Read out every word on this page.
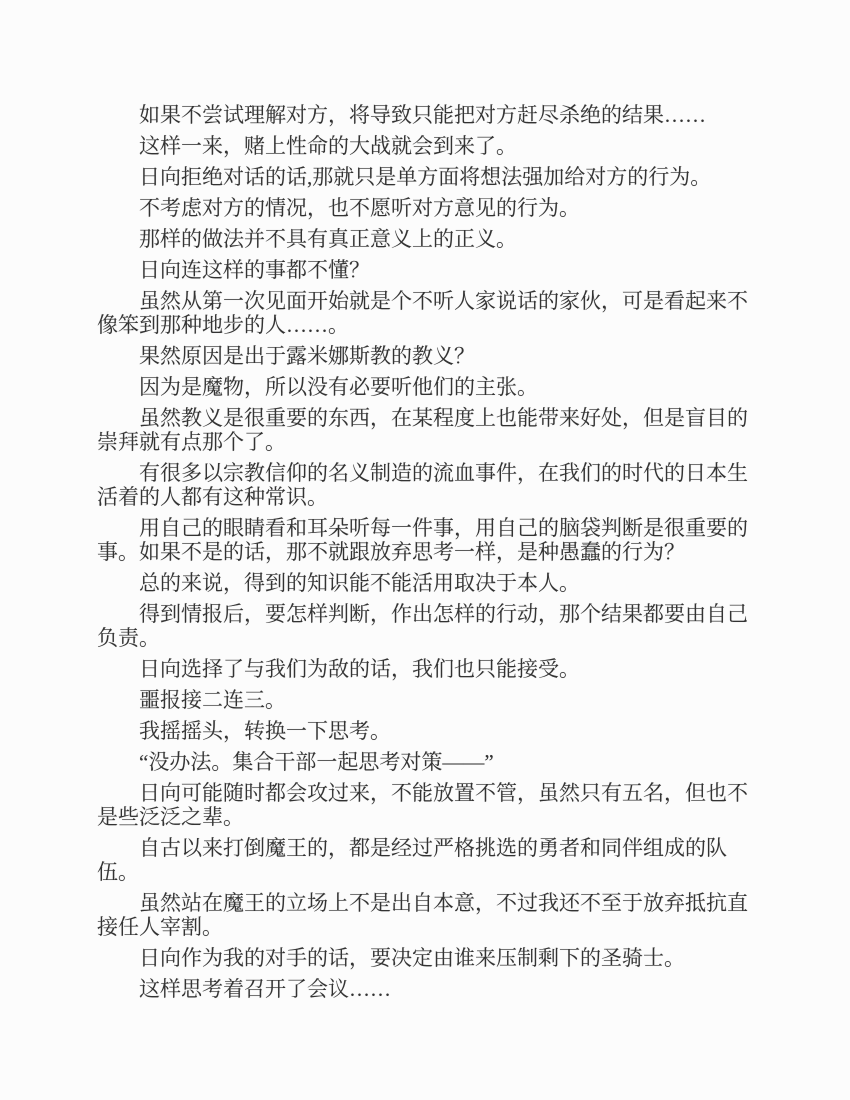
如果不尝试理解对方，将导致只能把对方赶尽杀绝的结果……

这样一来，赌上性命的大战就会到来了。

日向拒绝对话的话,那就只是单方面将想法强加给对方的行为。

不考虑对方的情况，也不愿听对方意见的行为。

那样的做法并不具有真正意义上的正义。

日向连这样的事都不懂？

虽然从第一次见面开始就是个不听人家说话的家伙，可是看起来不像笨到那种地步的人……。

果然原因是出于露米娜斯教的教义？

因为是魔物，所以没有必要听他们的主张。

虽然教义是很重要的东西，在某程度上也能带来好处，但是盲目的崇拜就有点那个了。

有很多以宗教信仰的名义制造的流血事件，在我们的时代的日本生活着的人都有这种常识。

用自己的眼睛看和耳朵听每一件事，用自己的脑袋判断是很重要的事。如果不是的话，那不就跟放弃思考一样，是种愚蠢的行为？

总的来说，得到的知识能不能活用取决于本人。

得到情报后，要怎样判断，作出怎样的行动，那个结果都要由自己负责。

日向选择了与我们为敌的话，我们也只能接受。

噩报接二连三。

我摇摇头，转换一下思考。

“没办法。集合干部一起思考对策——”

日向可能随时都会攻过来，不能放置不管，虽然只有五名，但也不是些泛泛之辈。

自古以来打倒魔王的，都是经过严格挑选的勇者和同伴组成的队伍。

虽然站在魔王的立场上不是出自本意，不过我还不至于放弃抵抗直接任人宰割。

日向作为我的对手的话，要决定由谁来压制剩下的圣骑士。

这样思考着召开了会议……
